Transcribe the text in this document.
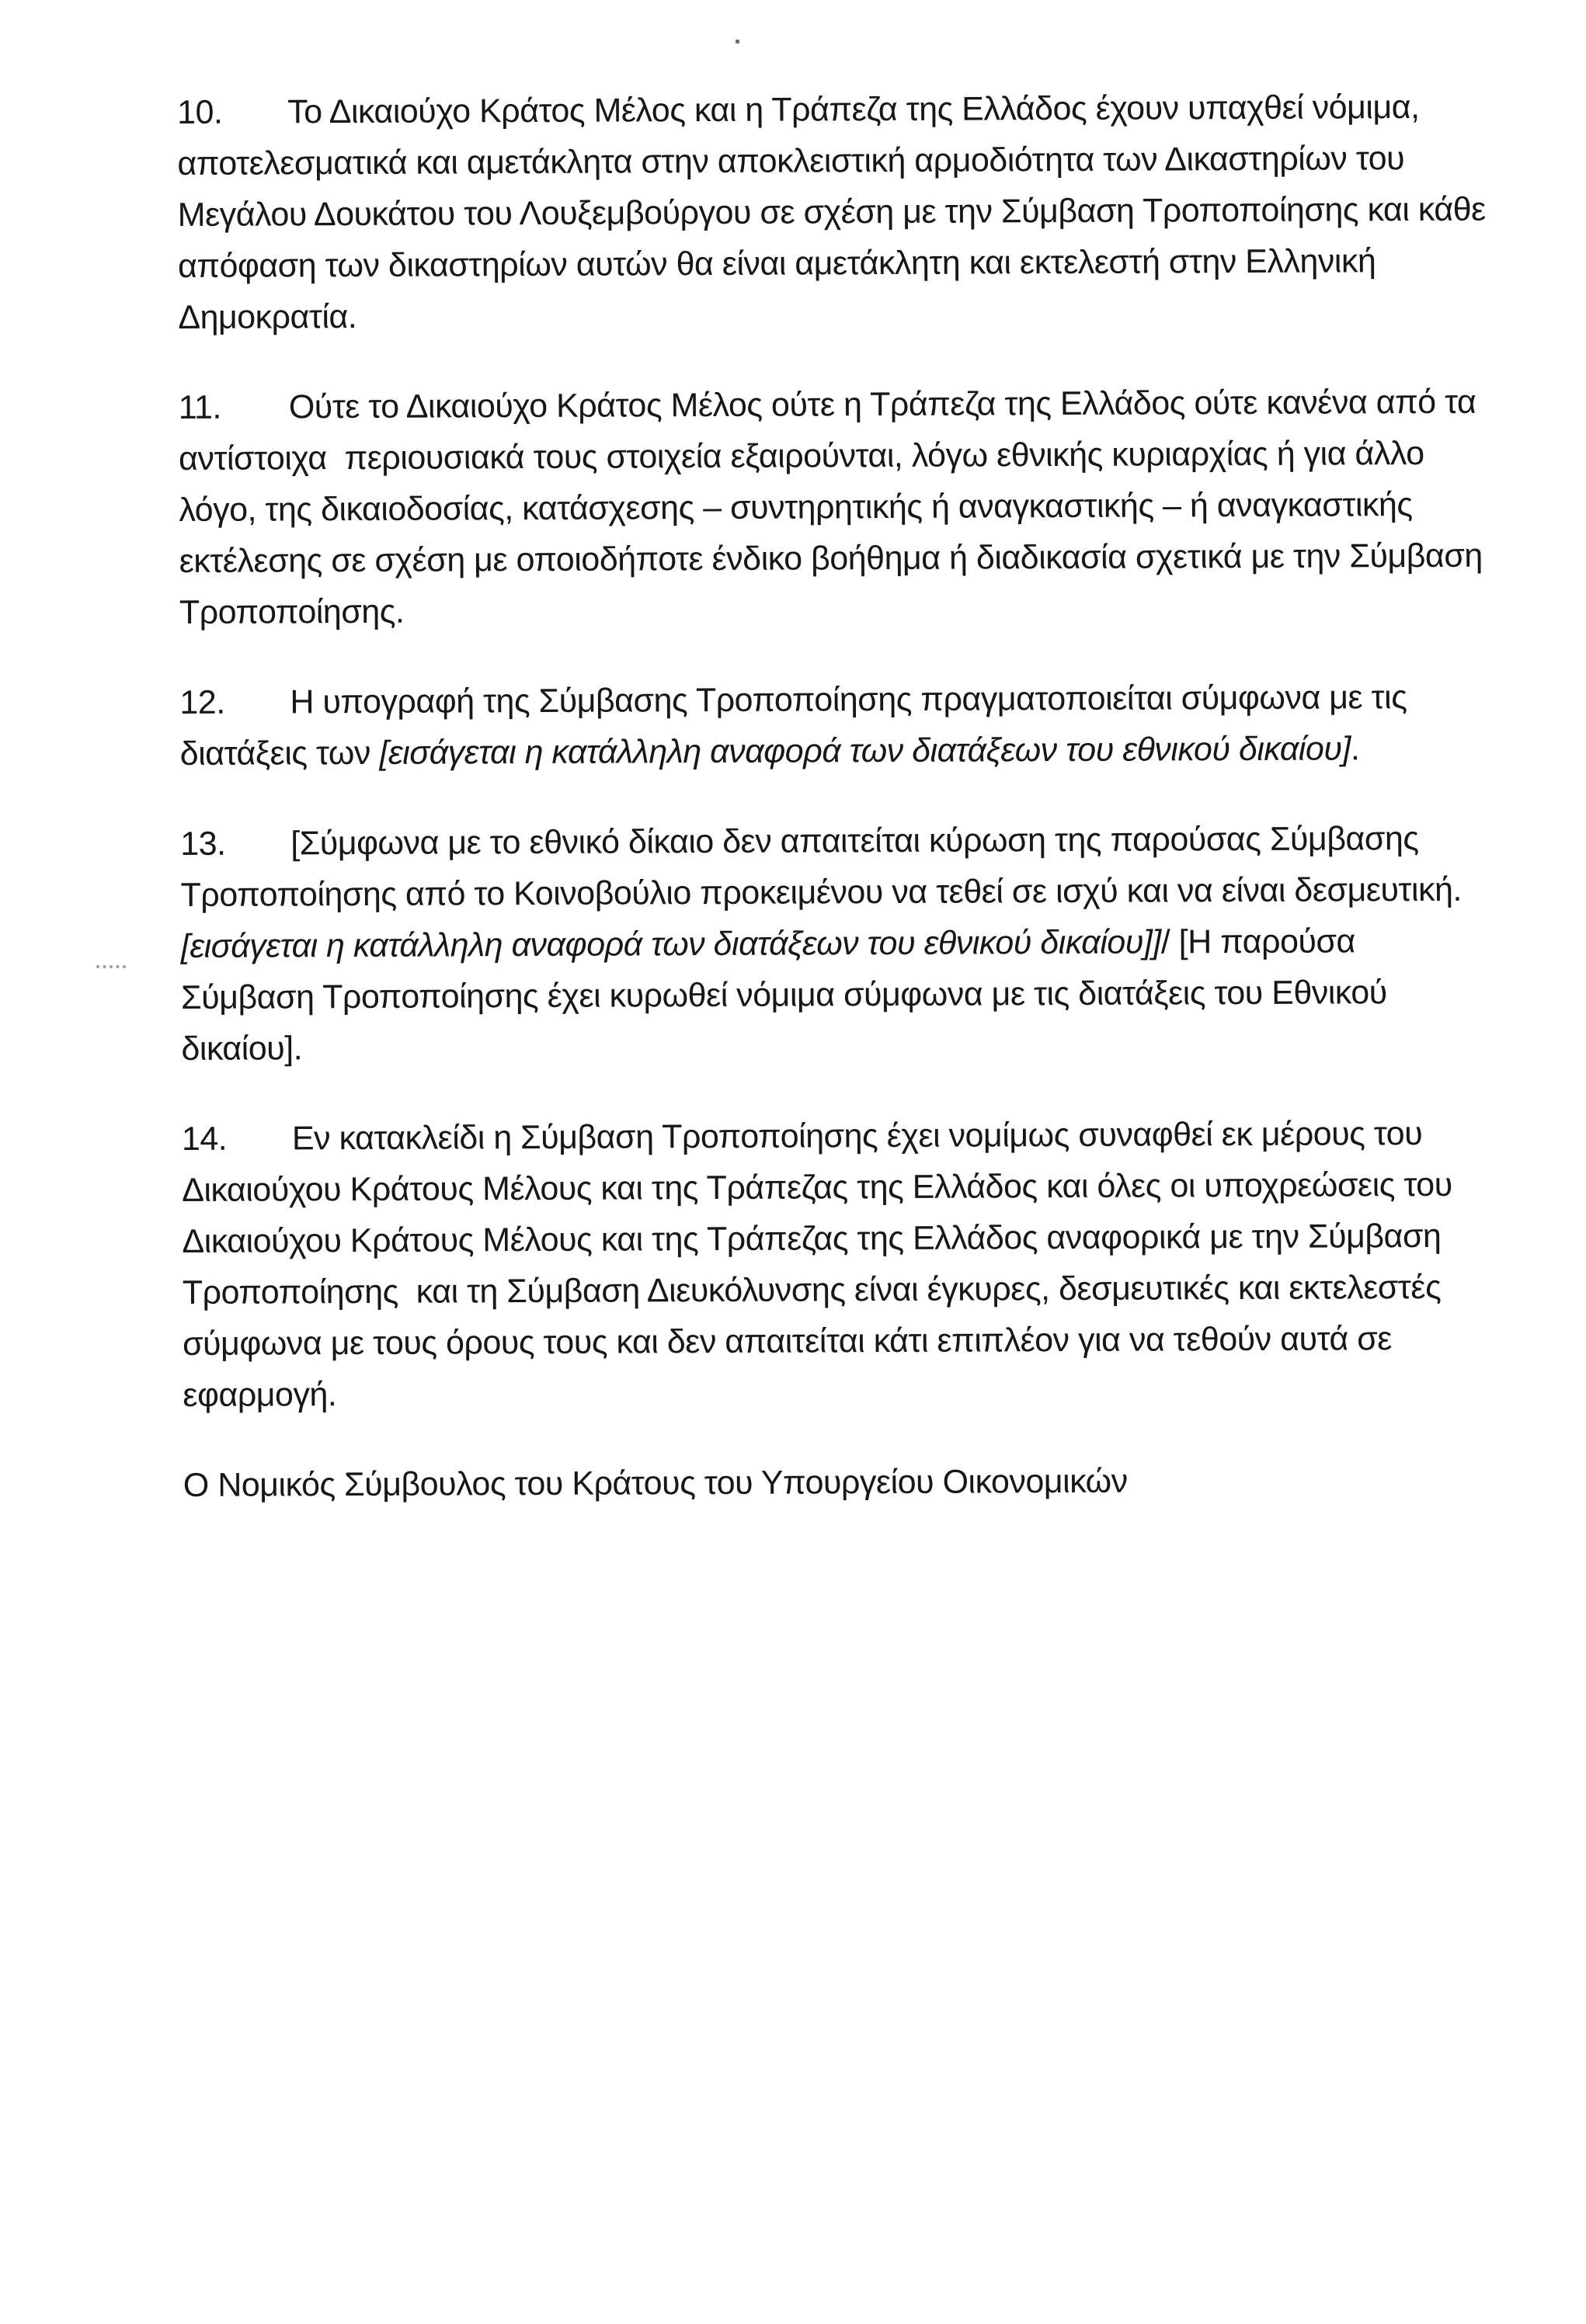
10. Το Δικαιούχο Κράτος Μέλος και η Τράπεζα της Ελλάδος έχουν υπαχθεί νόμιμα,
αποτελεσματικά και αμετάκλητα στην αποκλειστική αρμοδιότητα των Δικαστηρίων του
Μεγάλου Δουκάτου του Λουξεμβούργου σε σχέση με την Σύμβαση Τροποποίησης και κάθε
απόφαση των δικαστηρίων αυτών θα είναι αμετάκλητη και εκτελεστή στην Ελληνική
Δημοκρατία.
11. Ούτε το Δικαιούχο Κράτος Μέλος ούτε η Τράπεζα της Ελλάδος ούτε κανένα από τα
αντίστοιχα  περιουσιακά τους στοιχεία εξαιρούνται, λόγω εθνικής κυριαρχίας ή για άλλο
λόγο, της δικαιοδοσίας, κατάσχεσης – συντηρητικής ή αναγκαστικής – ή αναγκαστικής
εκτέλεσης σε σχέση με οποιοδήποτε ένδικο βοήθημα ή διαδικασία σχετικά με την Σύμβαση
Τροποποίησης.
12. Η υπογραφή της Σύμβασης Τροποποίησης πραγματοποιείται σύμφωνα με τις
διατάξεις των [εισάγεται η κατάλληλη αναφορά των διατάξεων του εθνικού δικαίου].
13. [Σύμφωνα με το εθνικό δίκαιο δεν απαιτείται κύρωση της παρούσας Σύμβασης
Τροποποίησης από το Κοινοβούλιο προκειμένου να τεθεί σε ισχύ και να είναι δεσμευτική.
[εισάγεται η κατάλληλη αναφορά των διατάξεων του εθνικού δικαίου]]/ [Η παρούσα
Σύμβαση Τροποποίησης έχει κυρωθεί νόμιμα σύμφωνα με τις διατάξεις του Εθνικού
δικαίου].
14. Εν κατακλείδι η Σύμβαση Τροποποίησης έχει νομίμως συναφθεί εκ μέρους του
Δικαιούχου Κράτους Μέλους και της Τράπεζας της Ελλάδος και όλες οι υποχρεώσεις του
Δικαιούχου Κράτους Μέλους και της Τράπεζας της Ελλάδος αναφορικά με την Σύμβαση
Τροποποίησης  και τη Σύμβαση Διευκόλυνσης είναι έγκυρες, δεσμευτικές και εκτελεστές
σύμφωνα με τους όρους τους και δεν απαιτείται κάτι επιπλέον για να τεθούν αυτά σε
εφαρμογή.

Ο Νομικός Σύμβουλος του Κράτους του Υπουργείου Οικονομικών
